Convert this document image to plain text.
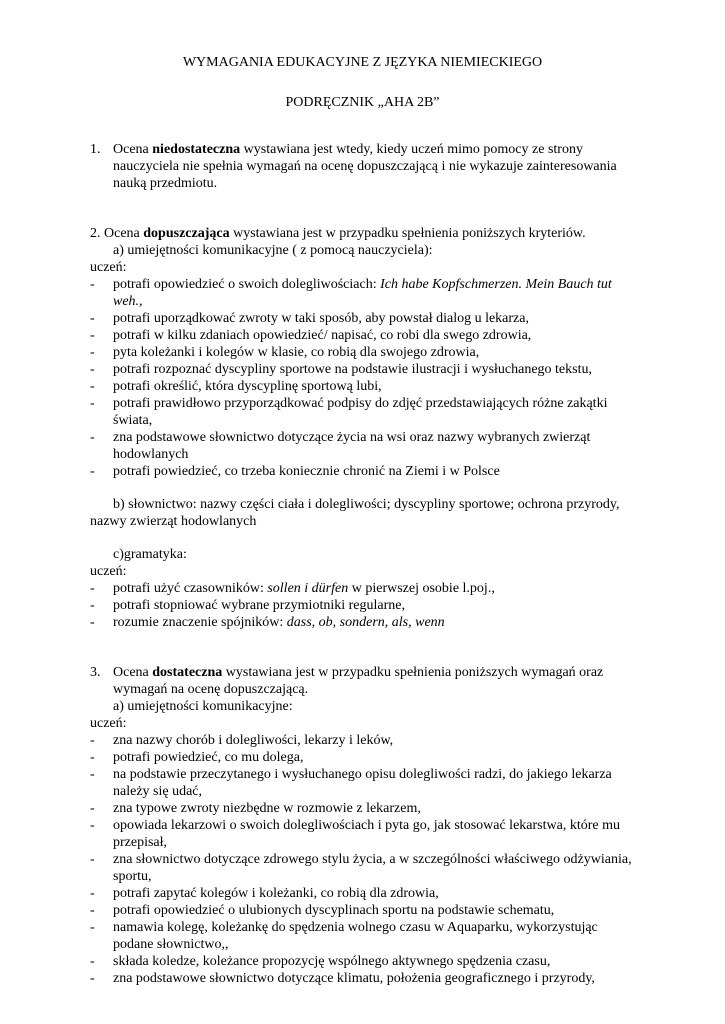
WYMAGANIA EDUKACYJNE Z JĘZYKA NIEMIECKIEGO
PODRĘCZNIK „AHA 2B”
1. Ocena niedostateczna wystawiana jest wtedy, kiedy uczeń mimo pomocy ze strony
nauczyciela nie spełnia wymagań na ocenę dopuszczającą i nie wykazuje zainteresowania
nauką przedmiotu.
2. Ocena dopuszczająca wystawiana jest w przypadku spełnienia poniższych kryteriów.
a) umiejętności komunikacyjne ( z pomocą nauczyciela):
uczeń:
- potrafi opowiedzieć o swoich dolegliwościach: Ich habe Kopfschmerzen. Mein Bauch tut
weh.,
- potrafi uporządkować zwroty w taki sposób, aby powstał dialog u lekarza,
- potrafi w kilku zdaniach opowiedzieć/ napisać, co robi dla swego zdrowia,
- pyta koleżanki i kolegów w klasie, co robią dla swojego zdrowia,
- potrafi rozpoznać dyscypliny sportowe na podstawie ilustracji i wysłuchanego tekstu,
- potrafi określić, która dyscyplinę sportową lubi,
- potrafi prawidłowo przyporządkować podpisy do zdjęć przedstawiających różne zakątki
świata,
- zna podstawowe słownictwo dotyczące życia na wsi oraz nazwy wybranych zwierząt
hodowlanych
- potrafi powiedzieć, co trzeba koniecznie chronić na Ziemi i w Polsce
b) słownictwo: nazwy części ciała i dolegliwości; dyscypliny sportowe; ochrona przyrody,
nazwy zwierząt hodowlanych
c)gramatyka:
uczeń:
- potrafi użyć czasowników: sollen i dürfen w pierwszej osobie l.poj.,
- potrafi stopniować wybrane przymiotniki regularne,
- rozumie znaczenie spójników: dass, ob, sondern, als, wenn
3. Ocena dostateczna wystawiana jest w przypadku spełnienia poniższych wymagań oraz
wymagań na ocenę dopuszczającą.
a) umiejętności komunikacyjne:
uczeń:
- zna nazwy chorób i dolegliwości, lekarzy i leków,
- potrafi powiedzieć, co mu dolega,
- na podstawie przeczytanego i wysłuchanego opisu dolegliwości radzi, do jakiego lekarza
należy się udać,
- zna typowe zwroty niezbędne w rozmowie z lekarzem,
- opowiada lekarzowi o swoich dolegliwościach i pyta go, jak stosować lekarstwa, które mu
przepisał,
- zna słownictwo dotyczące zdrowego stylu życia, a w szczególności właściwego odżywiania,
sportu,
- potrafi zapytać kolegów i koleżanki, co robią dla zdrowia,
- potrafi opowiedzieć o ulubionych dyscyplinach sportu na podstawie schematu,
- namawia kolegę, koleżankę do spędzenia wolnego czasu w Aquaparku, wykorzystując
podane słownictwo,,
- składa koledze, koleżance propozycję wspólnego aktywnego spędzenia czasu,
- zna podstawowe słownictwo dotyczące klimatu, położenia geograficznego i przyrody,
